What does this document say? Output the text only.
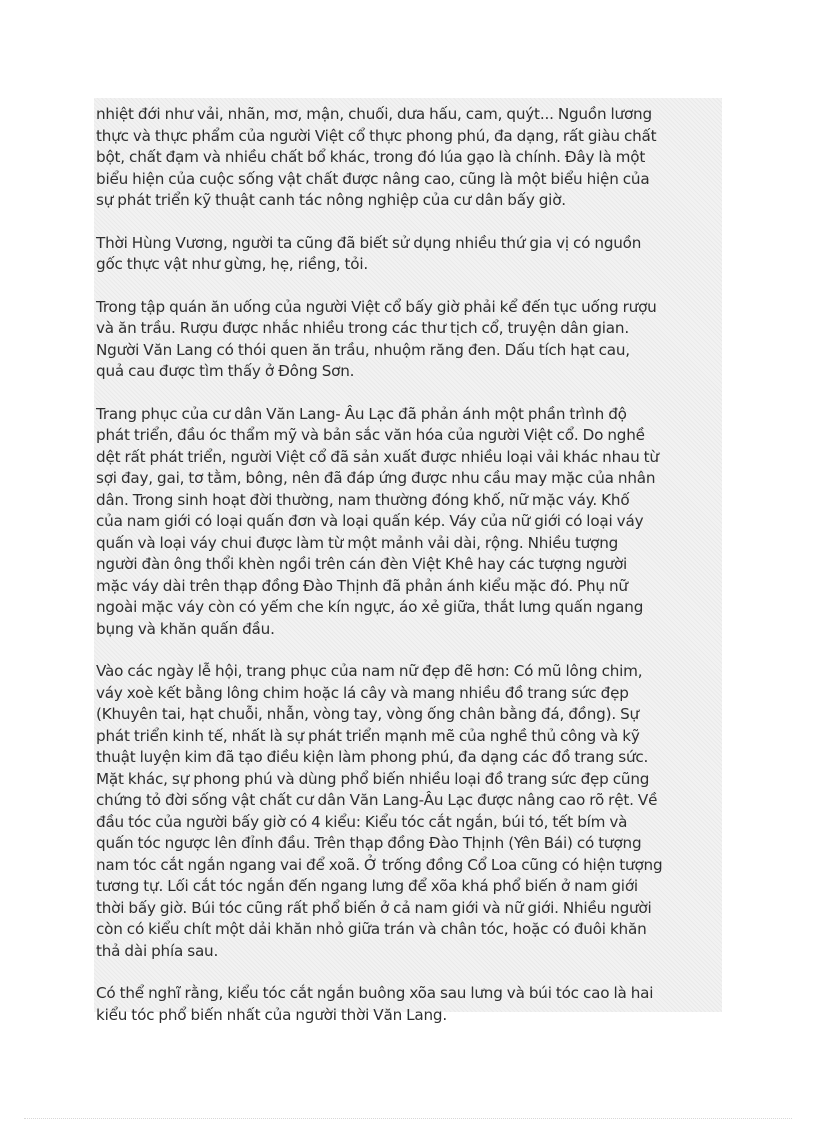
nhiệt đới như vải, nhãn, mơ, mận, chuối, dưa hấu, cam, quýt... Nguồn lương
thực và thực phẩm của người Việt cổ thực phong phú, đa dạng, rất giàu chất
bột, chất đạm và nhiều chất bổ khác, trong đó lúa gạo là chính. Đây là một
biểu hiện của cuộc sống vật chất được nâng cao, cũng là một biểu hiện của
sự phát triển kỹ thuật canh tác nông nghiệp của cư dân bấy giờ.

Thời Hùng Vương, người ta cũng đã biết sử dụng nhiều thứ gia vị có nguồn
gốc thực vật như gừng, hẹ, riềng, tỏi.

Trong tập quán ăn uống của người Việt cổ bấy giờ phải kể đến tục uống rượu
và ăn trầu. Rượu được nhắc nhiều trong các thư tịch cổ, truyện dân gian.
Người Văn Lang có thói quen ăn trầu, nhuộm răng đen. Dấu tích hạt cau,
quả cau được tìm thấy ở Đông Sơn.

Trang phục của cư dân Văn Lang- Âu Lạc đã phản ánh một phần trình độ
phát triển, đầu óc thẩm mỹ và bản sắc văn hóa của người Việt cổ. Do nghề
dệt rất phát triển, người Việt cổ đã sản xuất được nhiều loại vải khác nhau từ
sợi đay, gai, tơ tằm, bông, nên đã đáp ứng được nhu cầu may mặc của nhân
dân. Trong sinh hoạt đời thường, nam thường đóng khố, nữ mặc váy. Khố
của nam giới có loại quấn đơn và loại quấn kép. Váy của nữ giới có loại váy
quấn và loại váy chui được làm từ một mảnh vải dài, rộng. Nhiều tượng
người đàn ông thổi khèn ngồi trên cán đèn Việt Khê hay các tượng người
mặc váy dài trên thạp đồng Đào Thịnh đã phản ánh kiểu mặc đó. Phụ nữ
ngoài mặc váy còn có yếm che kín ngực, áo xẻ giữa, thắt lưng quấn ngang
bụng và khăn quấn đầu.

Vào các ngày lễ hội, trang phục của nam nữ đẹp đẽ hơn: Có mũ lông chim,
váy xoè kết bằng lông chim hoặc lá cây và mang nhiều đồ trang sức đẹp
(Khuyên tai, hạt chuỗi, nhẫn, vòng tay, vòng ống chân bằng đá, đồng). Sự
phát triển kinh tế, nhất là sự phát triển mạnh mẽ của nghề thủ công và kỹ
thuật luyện kim đã tạo điều kiện làm phong phú, đa dạng các đồ trang sức.
Mặt khác, sự phong phú và dùng phổ biến nhiều loại đồ trang sức đẹp cũng
chứng tỏ đời sống vật chất cư dân Văn Lang-Âu Lạc được nâng cao rõ rệt. Về
đầu tóc của người bấy giờ có 4 kiểu: Kiểu tóc cắt ngắn, búi tó, tết bím và
quấn tóc ngược lên đỉnh đầu. Trên thạp đồng Đào Thịnh (Yên Bái) có tượng
nam tóc cắt ngắn ngang vai để xoã. Ở trống đồng Cổ Loa cũng có hiện tượng
tương tự. Lối cắt tóc ngắn đến ngang lưng để xõa khá phổ biến ở nam giới
thời bấy giờ. Búi tóc cũng rất phổ biến ở cả nam giới và nữ giới. Nhiều người
còn có kiểu chít một dải khăn nhỏ giữa trán và chân tóc, hoặc có đuôi khăn
thả dài phía sau.

Có thể nghĩ rằng, kiểu tóc cắt ngắn buông xõa sau lưng và búi tóc cao là hai
kiểu tóc phổ biến nhất của người thời Văn Lang.
